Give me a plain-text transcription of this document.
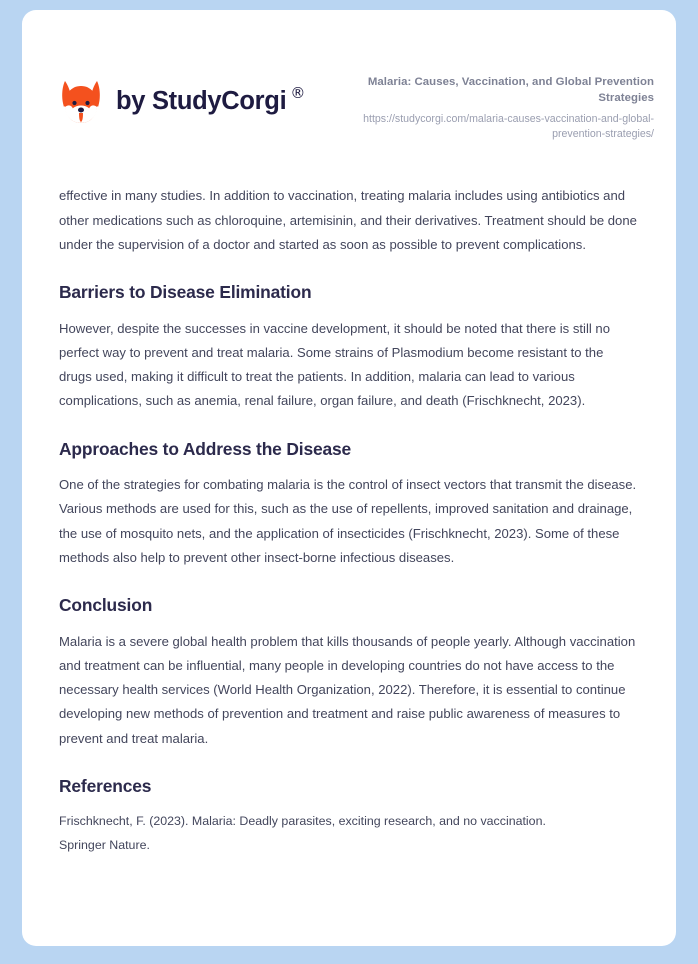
by StudyCorgi ®
Malaria: Causes, Vaccination, and Global Prevention Strategies
https://studycorgi.com/malaria-causes-vaccination-and-global-prevention-strategies/

effective in many studies. In addition to vaccination, treating malaria includes using antibiotics and other medications such as chloroquine, artemisinin, and their derivatives. Treatment should be done under the supervision of a doctor and started as soon as possible to prevent complications.

Barriers to Disease Elimination

However, despite the successes in vaccine development, it should be noted that there is still no perfect way to prevent and treat malaria. Some strains of Plasmodium become resistant to the drugs used, making it difficult to treat the patients. In addition, malaria can lead to various complications, such as anemia, renal failure, organ failure, and death (Frischknecht, 2023).

Approaches to Address the Disease

One of the strategies for combating malaria is the control of insect vectors that transmit the disease. Various methods are used for this, such as the use of repellents, improved sanitation and drainage, the use of mosquito nets, and the application of insecticides (Frischknecht, 2023). Some of these methods also help to prevent other insect-borne infectious diseases.

Conclusion

Malaria is a severe global health problem that kills thousands of people yearly. Although vaccination and treatment can be influential, many people in developing countries do not have access to the necessary health services (World Health Organization, 2022). Therefore, it is essential to continue developing new methods of prevention and treatment and raise public awareness of measures to prevent and treat malaria.

References

Frischknecht, F. (2023). Malaria: Deadly parasites, exciting research, and no vaccination. Springer Nature.
